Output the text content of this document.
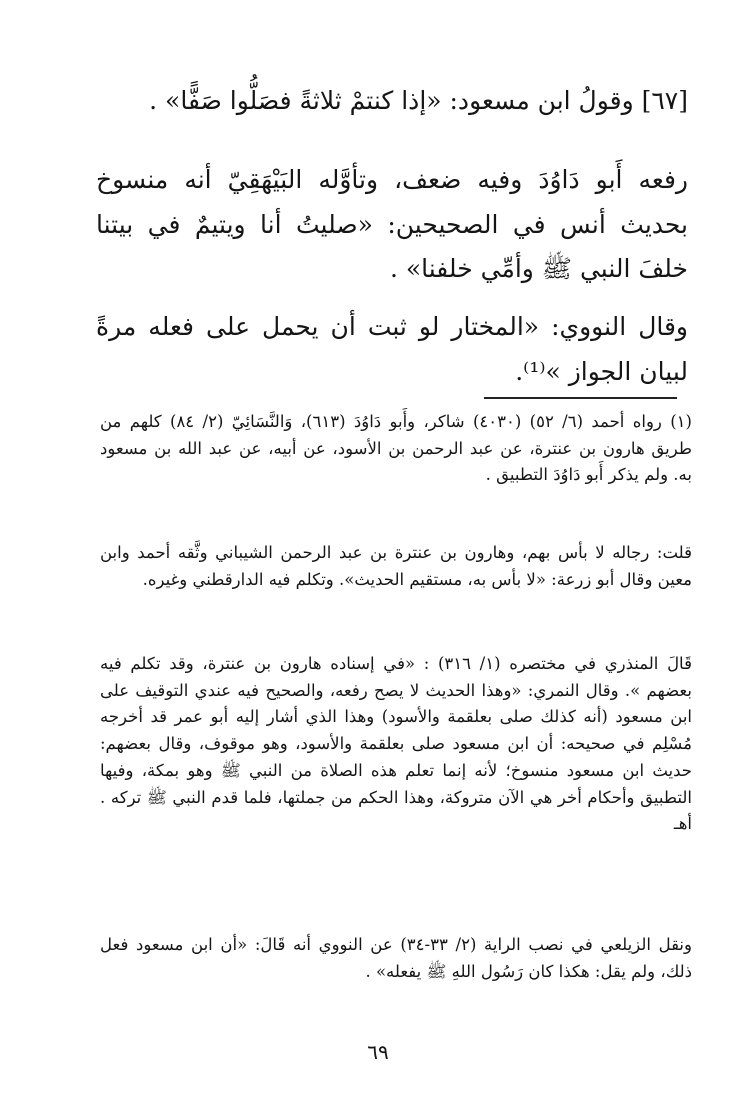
[٦٧] وقولُ ابن مسعود: «إذا كنتمْ ثلاثةً فصَلُّوا صَفًّا» .

رفعه أَبو دَاوُدَ وفيه ضعف، وتأوَّله البَيْهَقِيّ أنه منسوخ بحديث أنس في الصحيحين: «صليتُ أنا ويتيمٌ في بيتنا خلفَ النبي ﷺ وأمِّي خلفنا» .

وقال النووي: «المختار لو ثبت أن يحمل على فعله مرةً لبيان الجواز »⁽¹⁾.

(١) رواه أحمد (٦/ ٥٢) (٤٠٣٠) شاكر، وأَبو دَاوُدَ (٦١٣)، وَالنَّسَائِيّ (٢/ ٨٤) كلهم من طريق هارون بن عنترة، عن عبد الرحمن بن الأسود، عن أبيه، عن عبد الله بن مسعود به. ولم يذكر أَبو دَاوُدَ التطبيق .

قلت: رجاله لا بأس بهم، وهارون بن عنترة بن عبد الرحمن الشيباني وثَّقه أحمد وابن معين وقال أبو زرعة: «لا بأس به، مستقيم الحديث». وتكلم فيه الدارقطني وغيره.

قَالَ المنذري في مختصره (١/ ٣١٦) : «في إسناده هارون بن عنترة، وقد تكلم فيه بعضهم ». وقال النمري: «وهذا الحديث لا يصح رفعه، والصحيح فيه عندي التوقيف على ابن مسعود (أنه كذلك صلى بعلقمة والأسود) وهذا الذي أشار إليه أبو عمر قد أخرجه مُسْلِم في صحيحه: أن ابن مسعود صلى بعلقمة والأسود، وهو موقوف، وقال بعضهم: حديث ابن مسعود منسوخ؛ لأنه إنما تعلم هذه الصلاة من النبي ﷺ وهو بمكة، وفيها التطبيق وأحكام أخر هي الآن متروكة، وهذا الحكم من جملتها، فلما قدم النبي ﷺ تركه . أهـ

ونقل الزيلعي في نصب الراية (٢/ ٣٣-٣٤) عن النووي أنه قَالَ: «أن ابن مسعود فعل ذلك، ولم يقل: هكذا كان رَسُول اللهِ ﷺ يفعله» .

٦٩
